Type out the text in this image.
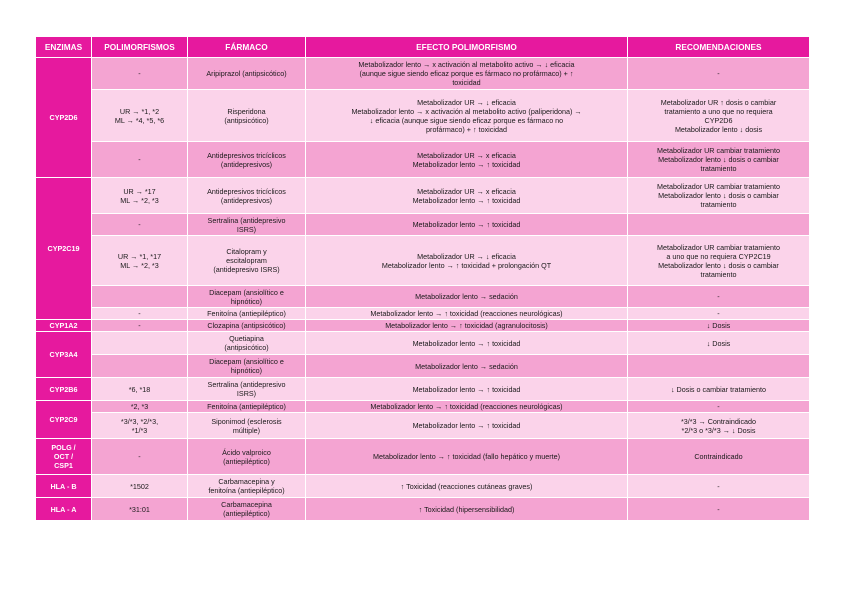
ENZIMAS	POLIMORFISMOS	FÁRMACO	EFECTO POLIMORFISMO	RECOMENDACIONES
CYP2D6	-	Aripiprazol (antipsicótico)	Metabolizador lento → x activación al metabolito activo → ↓ eficacia
(aunque sigue siendo eficaz porque es fármaco no profármaco) + ↑
toxicidad	-
	UR → *1, *2
ML → *4, *5, *6	Risperidona
(antipsicótico)	Metabolizador UR → ↓ eficacia
Metabolizador lento → x activación al metabolito activo (paliperidona) →
↓ eficacia (aunque sigue siendo eficaz porque es fármaco no
profármaco) + ↑ toxicidad	Metabolizador UR ↑ dosis o cambiar
tratamiento a uno que no requiera
CYP2D6
Metabolizador lento ↓ dosis
	-	Antidepresivos tricíclicos
(antidepresivos)	Metabolizador UR → x eficacia
Metabolizador lento → ↑ toxicidad	Metabolizador UR cambiar tratamiento
Metabolizador lento ↓ dosis o cambiar
tratamiento
CYP2C19	UR → *17
ML → *2, *3	Antidepresivos tricíclicos
(antidepresivos)	Metabolizador UR → x eficacia
Metabolizador lento → ↑ toxicidad	Metabolizador UR cambiar tratamiento
Metabolizador lento ↓ dosis o cambiar
tratamiento
	-	Sertralina (antidepresivo
ISRS)	Metabolizador lento → ↑ toxicidad	
	UR → *1, *17
ML → *2, *3	Citalopram y
escitalopram
(antidepresivo ISRS)	Metabolizador UR → ↓ eficacia
Metabolizador lento → ↑ toxicidad + prolongación QT	Metabolizador UR cambiar tratamiento
a uno que no requiera CYP2C19
Metabolizador lento ↓ dosis o cambiar
tratamiento
		Diacepam (ansiolítico e
hipnótico)	Metabolizador lento → sedación	-
	-	Fenitoína (antiepiléptico)	Metabolizador lento → ↑ toxicidad (reacciones neurológicas)	-
CYP1A2	-	Clozapina (antipsicótico)	Metabolizador lento → ↑ toxicidad (agranulocitosis)	↓ Dosis
CYP3A4		Quetiapina
(antipsicótico)	Metabolizador lento → ↑ toxicidad	↓ Dosis
		Diacepam (ansiolítico e
hipnótico)	Metabolizador lento → sedación	
CYP2B6	*6, *18	Sertralina (antidepresivo
ISRS)	Metabolizador lento → ↑ toxicidad	↓ Dosis o cambiar tratamiento
CYP2C9	*2, *3	Fenitoína (antiepiléptico)	Metabolizador lento → ↑ toxicidad (reacciones neurológicas)	-
	*3/*3, *2/*3,
*1/*3	Siponimod (esclerosis
múltiple)	Metabolizador lento → ↑ toxicidad	*3/*3 → Contraindicado
*2/*3 o *3/*3 → ↓ Dosis
POLG /
OCT /
CSP1	-	Ácido valproico
(antiepiléptico)	Metabolizador lento → ↑ toxicidad (fallo hepático y muerte)	Contraindicado
HLA - B	*1502	Carbamacepina y
fenitoína (antiepiléptico)	↑ Toxicidad (reacciones cutáneas graves)	-
HLA - A	*31:01	Carbamacepina
(antiepiléptico)	↑ Toxicidad (hipersensibilidad)	-
